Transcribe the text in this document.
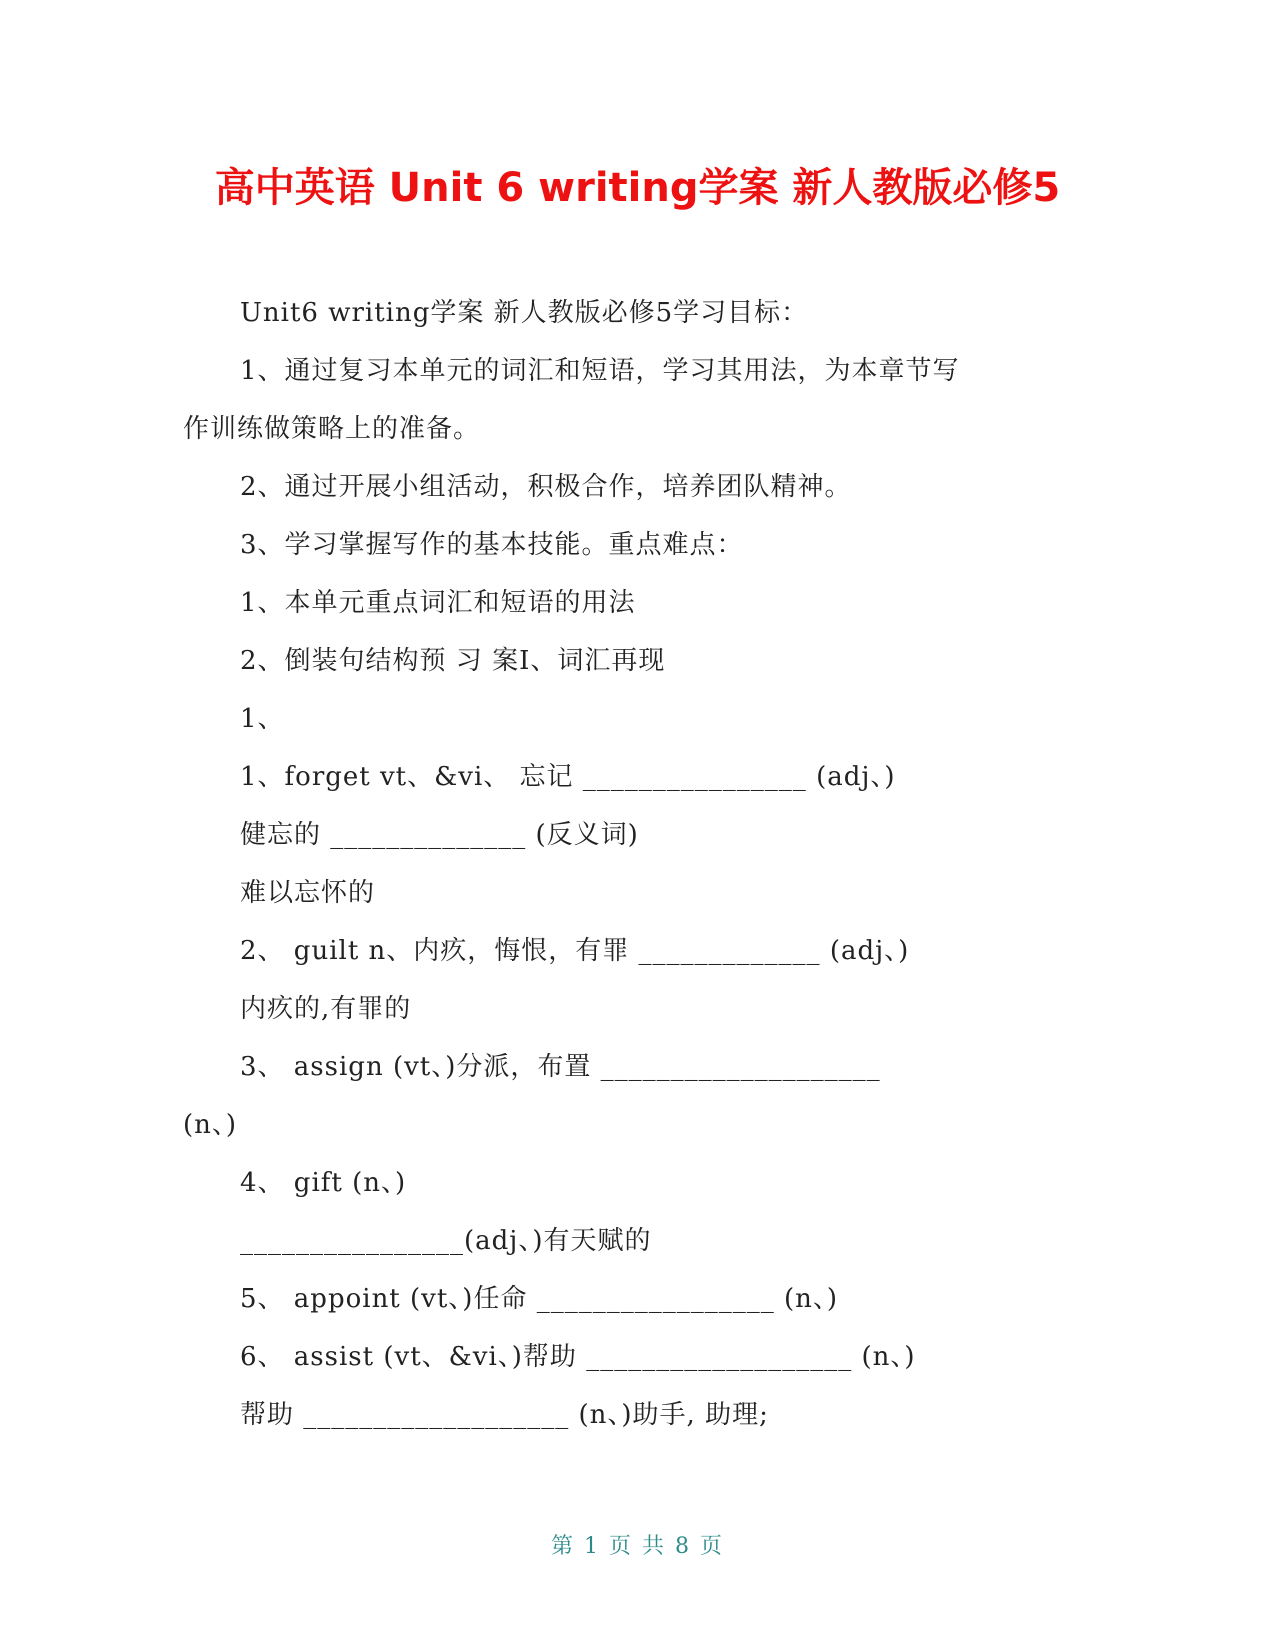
高中英语 Unit 6 writing学案 新人教版必修5
Unit6 writing学案 新人教版必修5学习目标：
1、通过复习本单元的词汇和短语，学习其用法，为本章节写
作训练做策略上的准备。
2、通过开展小组活动，积极合作，培养团队精神。
3、学习掌握写作的基本技能。重点难点：
1、本单元重点词汇和短语的用法
2、倒装句结构预 习 案I、词汇再现
1、
1、forget vt、&vi、 忘记 ________________ (adj、)
健忘的 ______________ (反义词)
难以忘怀的
2、 guilt n、内疚，悔恨，有罪 _____________ (adj、)
内疚的,有罪的
3、 assign (vt、)分派，布置 ____________________
(n、)
4、 gift (n、)
________________(adj、)有天赋的
5、 appoint (vt、)任命 _________________ (n、)
6、 assist (vt、&vi、)帮助 ___________________ (n、)
帮助 ___________________ (n、)助手, 助理;
第 1 页 共 8 页
